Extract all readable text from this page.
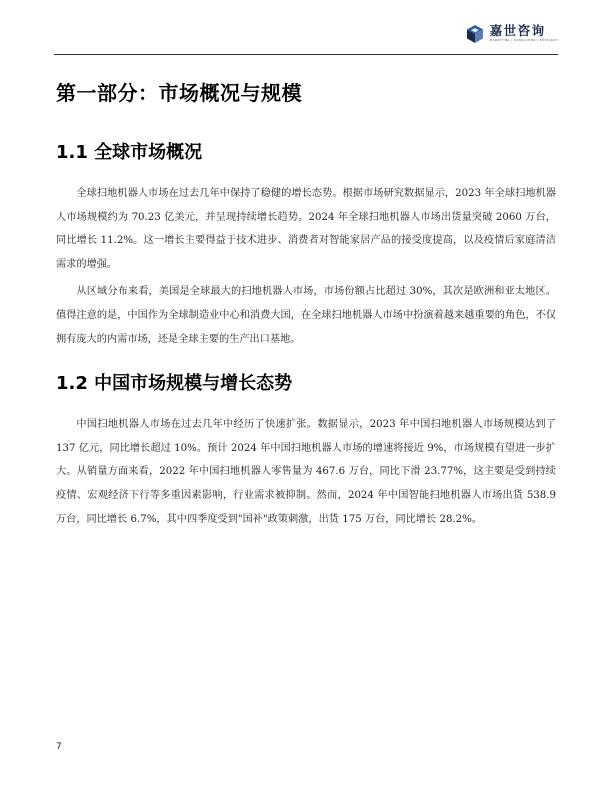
嘉世咨询
MARKETING | CONSULTING | RESEARCH
第一部分：市场概况与规模
1.1 全球市场概况

全球扫地机器人市场在过去几年中保持了稳健的增长态势。根据市场研究数据显示，2023 年全球扫地机器人市场规模约为 70.23 亿美元，并呈现持续增长趋势。2024 年全球扫地机器人市场出货量突破 2060 万台，同比增长 11.2%。这一增长主要得益于技术进步、消费者对智能家居产品的接受度提高，以及疫情后家庭清洁需求的增强。

从区域分布来看，美国是全球最大的扫地机器人市场，市场份额占比超过 30%，其次是欧洲和亚太地区。值得注意的是，中国作为全球制造业中心和消费大国，在全球扫地机器人市场中扮演着越来越重要的角色，不仅拥有庞大的内需市场，还是全球主要的生产出口基地。

1.2 中国市场规模与增长态势

中国扫地机器人市场在过去几年中经历了快速扩张。数据显示，2023 年中国扫地机器人市场规模达到了 137 亿元，同比增长超过 10%。预计 2024 年中国扫地机器人市场的增速将接近 9%，市场规模有望进一步扩大。从销量方面来看，2022 年中国扫地机器人零售量为 467.6 万台，同比下滑 23.77%，这主要是受到持续疫情、宏观经济下行等多重因素影响，行业需求被抑制。然而，2024 年中国智能扫地机器人市场出货 538.9 万台，同比增长 6.7%，其中四季度受到"国补"政策刺激，出货 175 万台，同比增长 28.2%。

7
